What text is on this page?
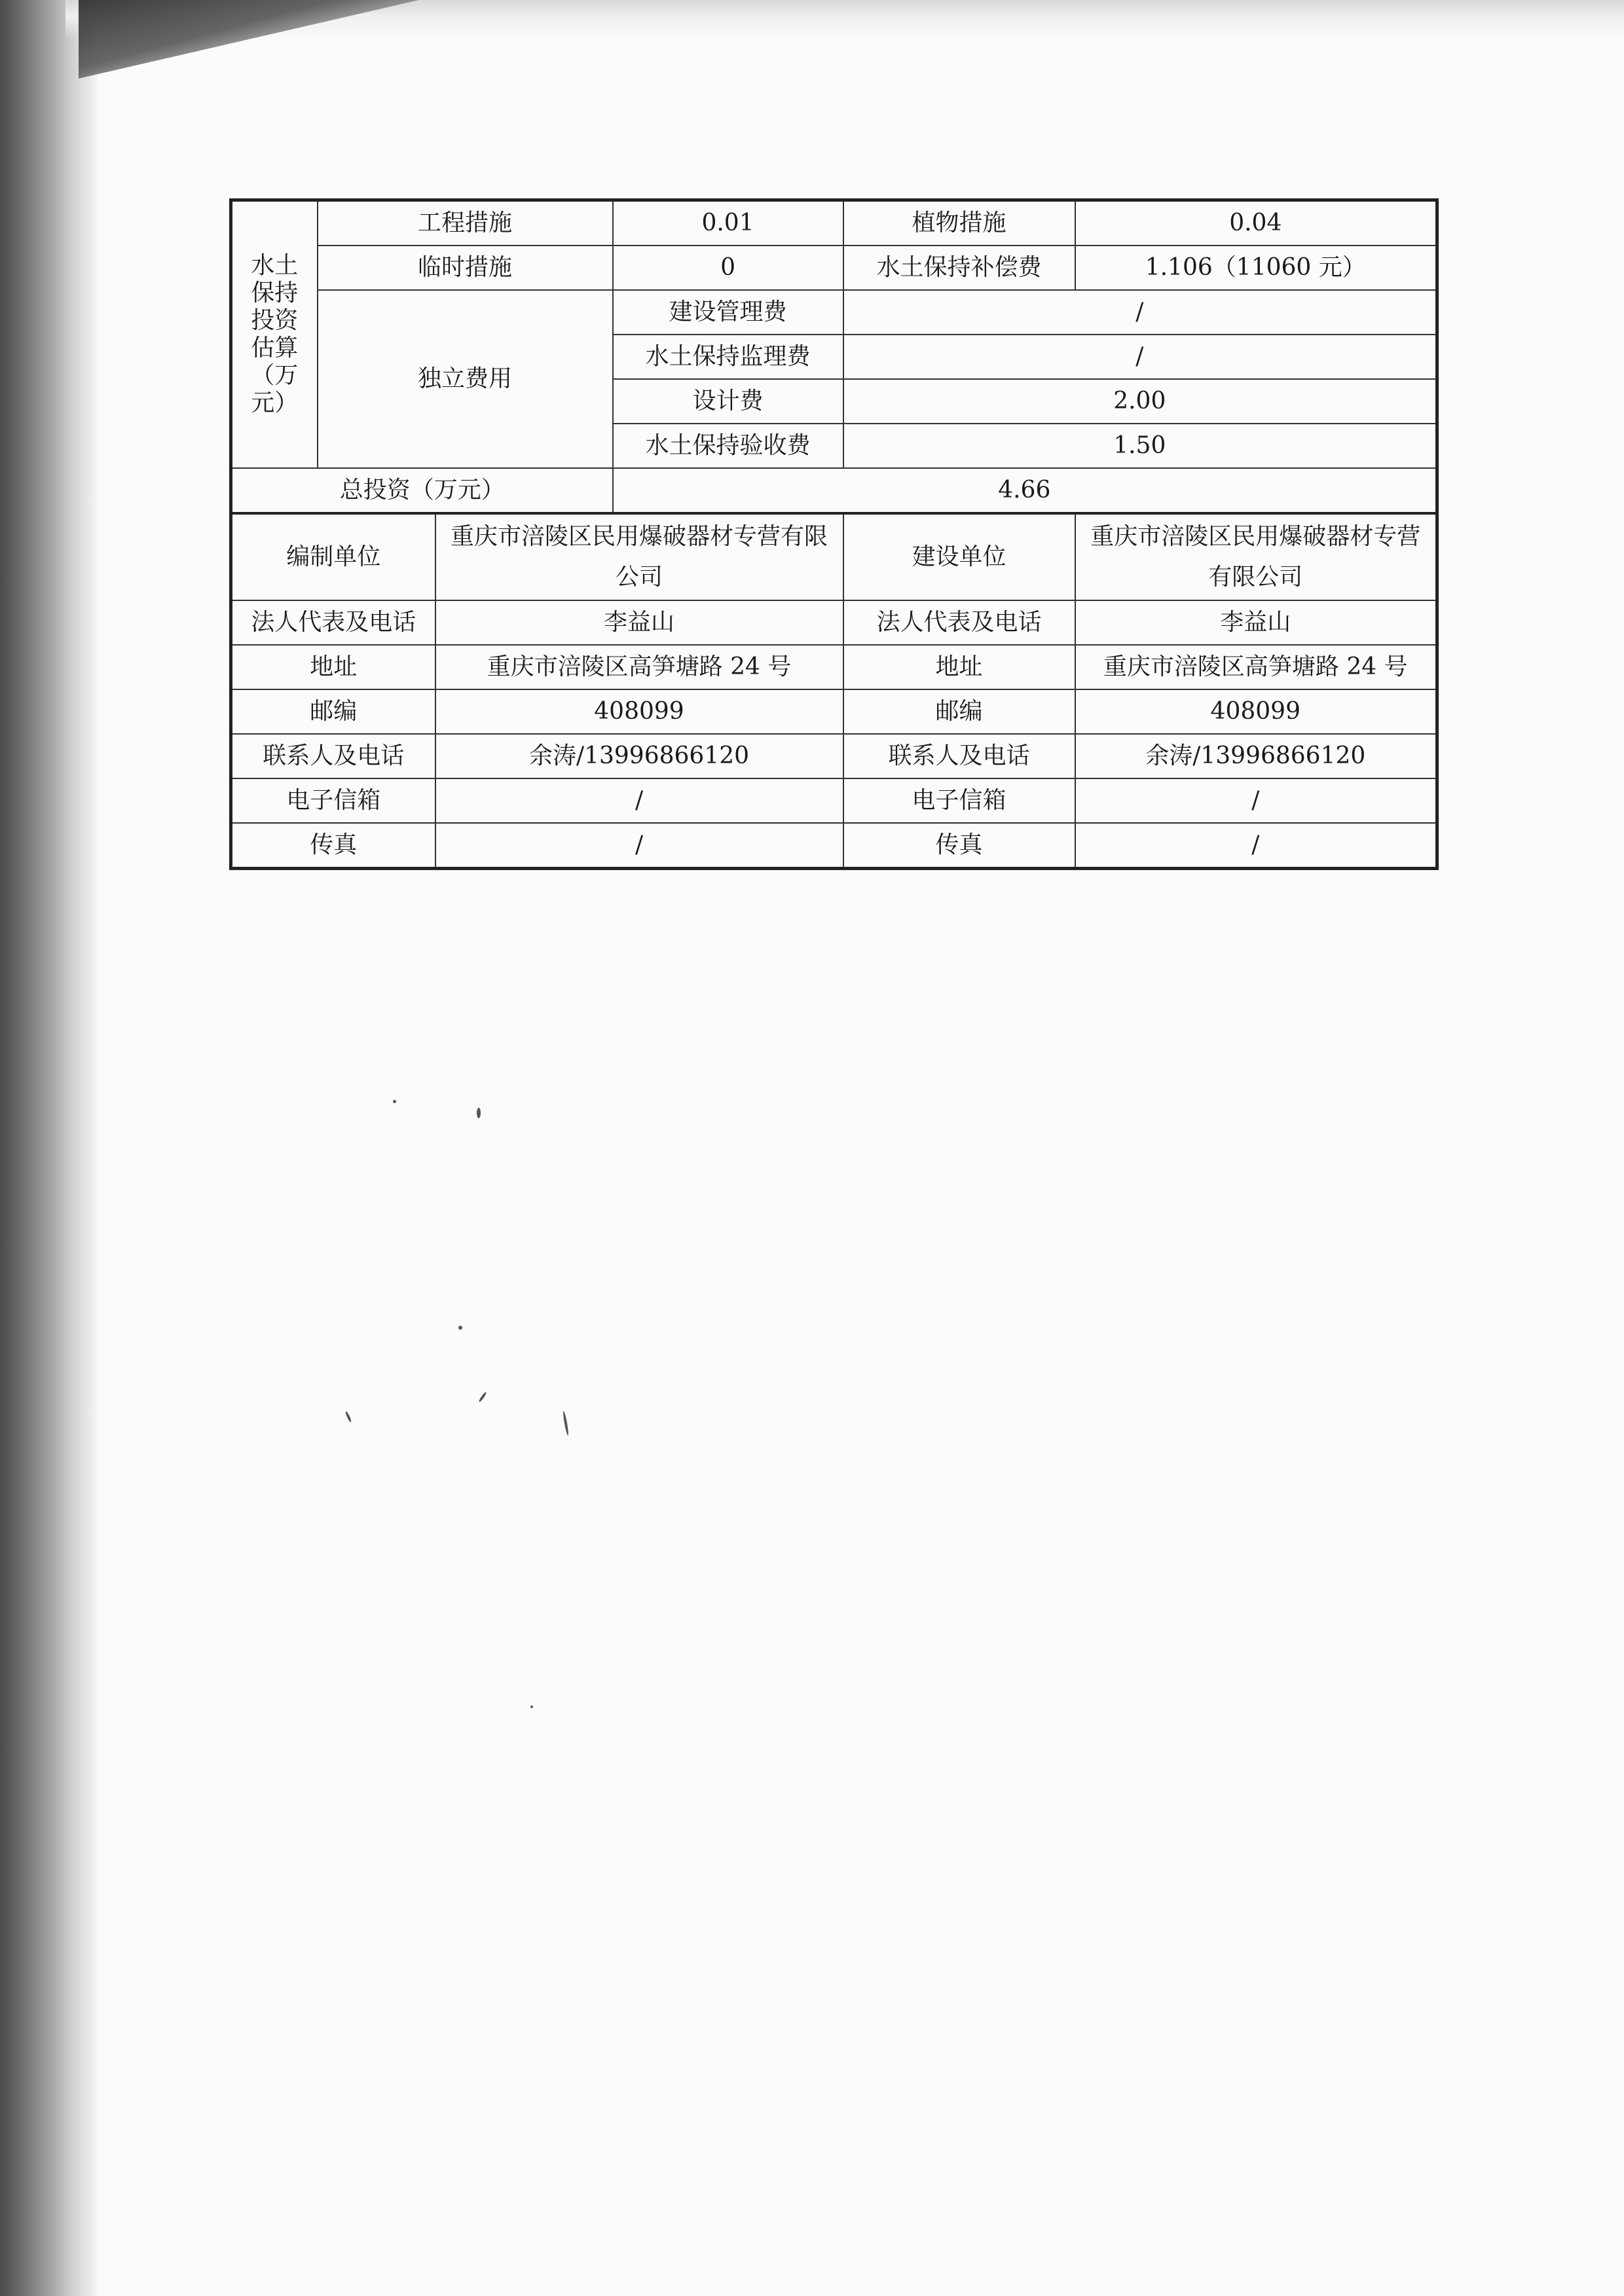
水土保持投资估算（万元）	工程措施		0.01	植物措施	0.04
	临时措施		0	水土保持补偿费	1.106（11060 元）
	独立费用		建设管理费	/	
			水土保持监理费	/	
			设计费	2.00	
			水土保持验收费	1.50	
总投资（万元）			4.66		
编制单位		重庆市涪陵区民用爆破器材专营有限公司		建设单位	重庆市涪陵区民用爆破器材专营有限公司
法人代表及电话		李益山		法人代表及电话	李益山
地址		重庆市涪陵区高笋塘路 24 号		地址	重庆市涪陵区高笋塘路 24 号
邮编		408099		邮编	408099
联系人及电话		余涛/13996866120		联系人及电话	余涛/13996866120
电子信箱		/		电子信箱	/
传真		/		传真	/
